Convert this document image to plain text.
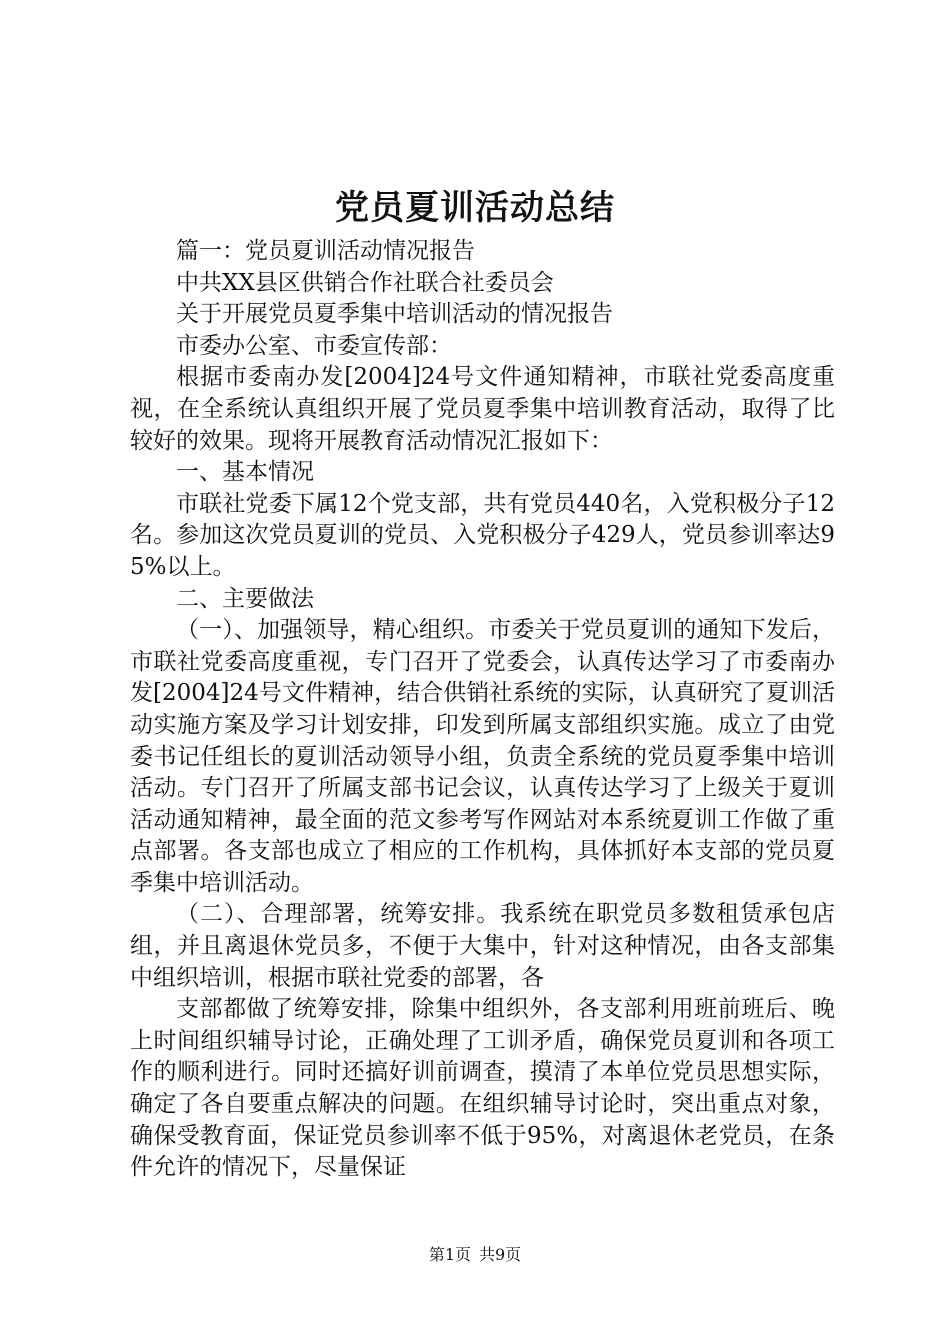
党员夏训活动总结

篇一：党员夏训活动情况报告

中共XX县区供销合作社联合社委员会

关于开展党员夏季集中培训活动的情况报告

市委办公室、市委宣传部：

根据市委南办发[2004]24号文件通知精神，市联社党委高度重视，在全系统认真组织开展了党员夏季集中培训教育活动，取得了比较好的效果。现将开展教育活动情况汇报如下：

一、基本情况

市联社党委下属12个党支部，共有党员440名，入党积极分子12名。参加这次党员夏训的党员、入党积极分子429人，党员参训率达95%以上。

二、主要做法

（一）、加强领导，精心组织。市委关于党员夏训的通知下发后，市联社党委高度重视，专门召开了党委会，认真传达学习了市委南办发[2004]24号文件精神，结合供销社系统的实际，认真研究了夏训活动实施方案及学习计划安排，印发到所属支部组织实施。成立了由党委书记任组长的夏训活动领导小组，负责全系统的党员夏季集中培训活动。专门召开了所属支部书记会议，认真传达学习了上级关于夏训活动通知精神，最全面的范文参考写作网站对本系统夏训工作做了重点部署。各支部也成立了相应的工作机构，具体抓好本支部的党员夏季集中培训活动。

（二）、合理部署，统筹安排。我系统在职党员多数租赁承包店组，并且离退休党员多，不便于大集中，针对这种情况，由各支部集中组织培训，根据市联社党委的部署，各

支部都做了统筹安排，除集中组织外，各支部利用班前班后、晚上时间组织辅导讨论，正确处理了工训矛盾，确保党员夏训和各项工作的顺利进行。同时还搞好训前调查，摸清了本单位党员思想实际，确定了各自要重点解决的问题。在组织辅导讨论时，突出重点对象，确保受教育面，保证党员参训率不低于95%，对离退休老党员，在条件允许的情况下，尽量保证

第1页 共9页
